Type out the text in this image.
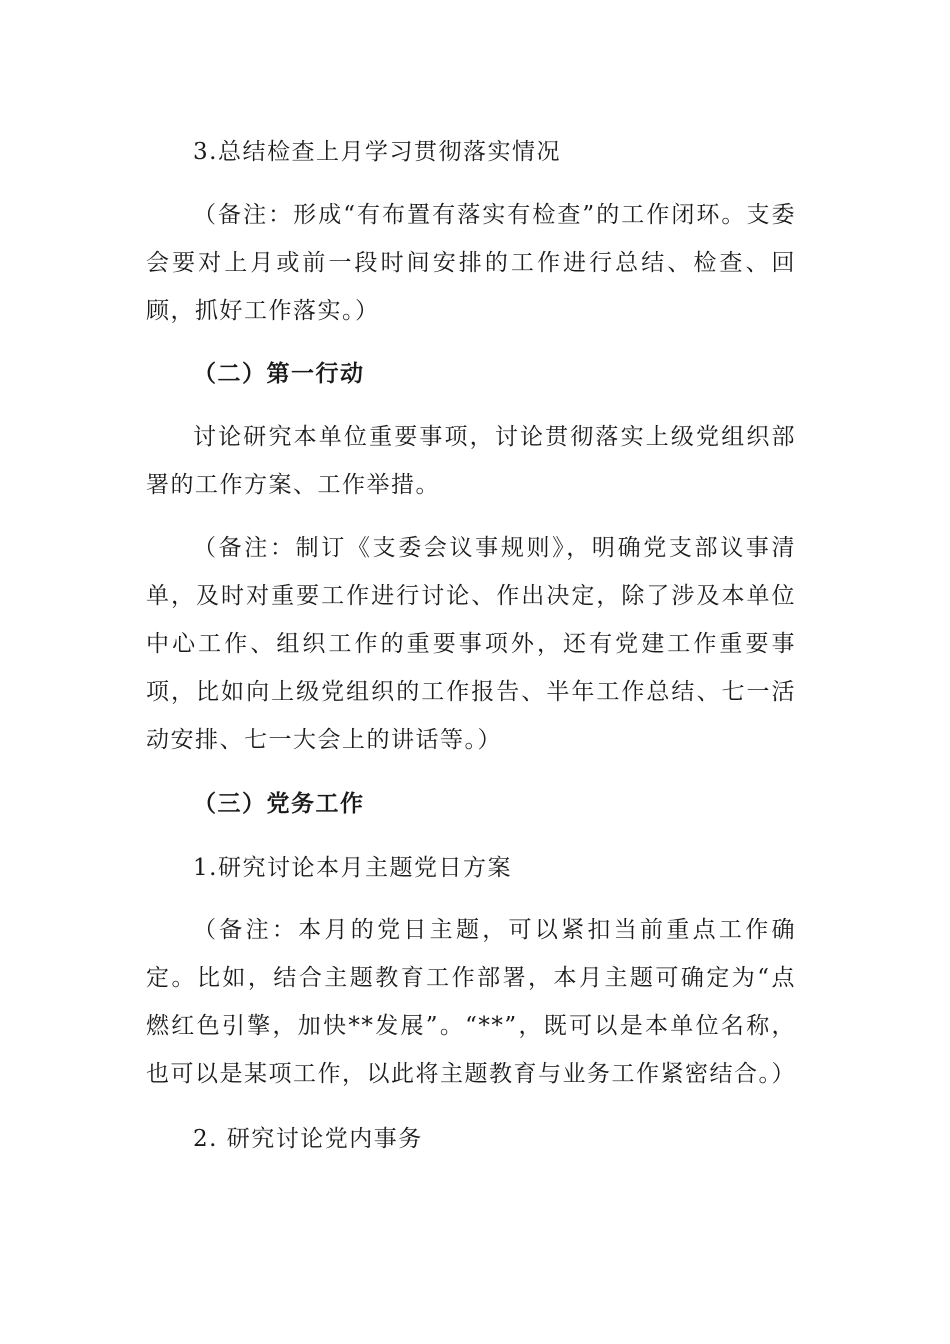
3.总结检查上月学习贯彻落实情况

（备注：形成“有布置有落实有检查”的工作闭环。支委会要对上月或前一段时间安排的工作进行总结、检查、回顾，抓好工作落实。）

（二）第一行动

讨论研究本单位重要事项，讨论贯彻落实上级党组织部署的工作方案、工作举措。

（备注：制订《支委会议事规则》，明确党支部议事清单，及时对重要工作进行讨论、作出决定，除了涉及本单位中心工作、组织工作的重要事项外，还有党建工作重要事项，比如向上级党组织的工作报告、半年工作总结、七一活动安排、七一大会上的讲话等。）

（三）党务工作

1.研究讨论本月主题党日方案

（备注：本月的党日主题，可以紧扣当前重点工作确定。比如，结合主题教育工作部署，本月主题可确定为“点燃红色引擎，加快**发展”。“**”，既可以是本单位名称，也可以是某项工作，以此将主题教育与业务工作紧密结合。）

2. 研究讨论党内事务
